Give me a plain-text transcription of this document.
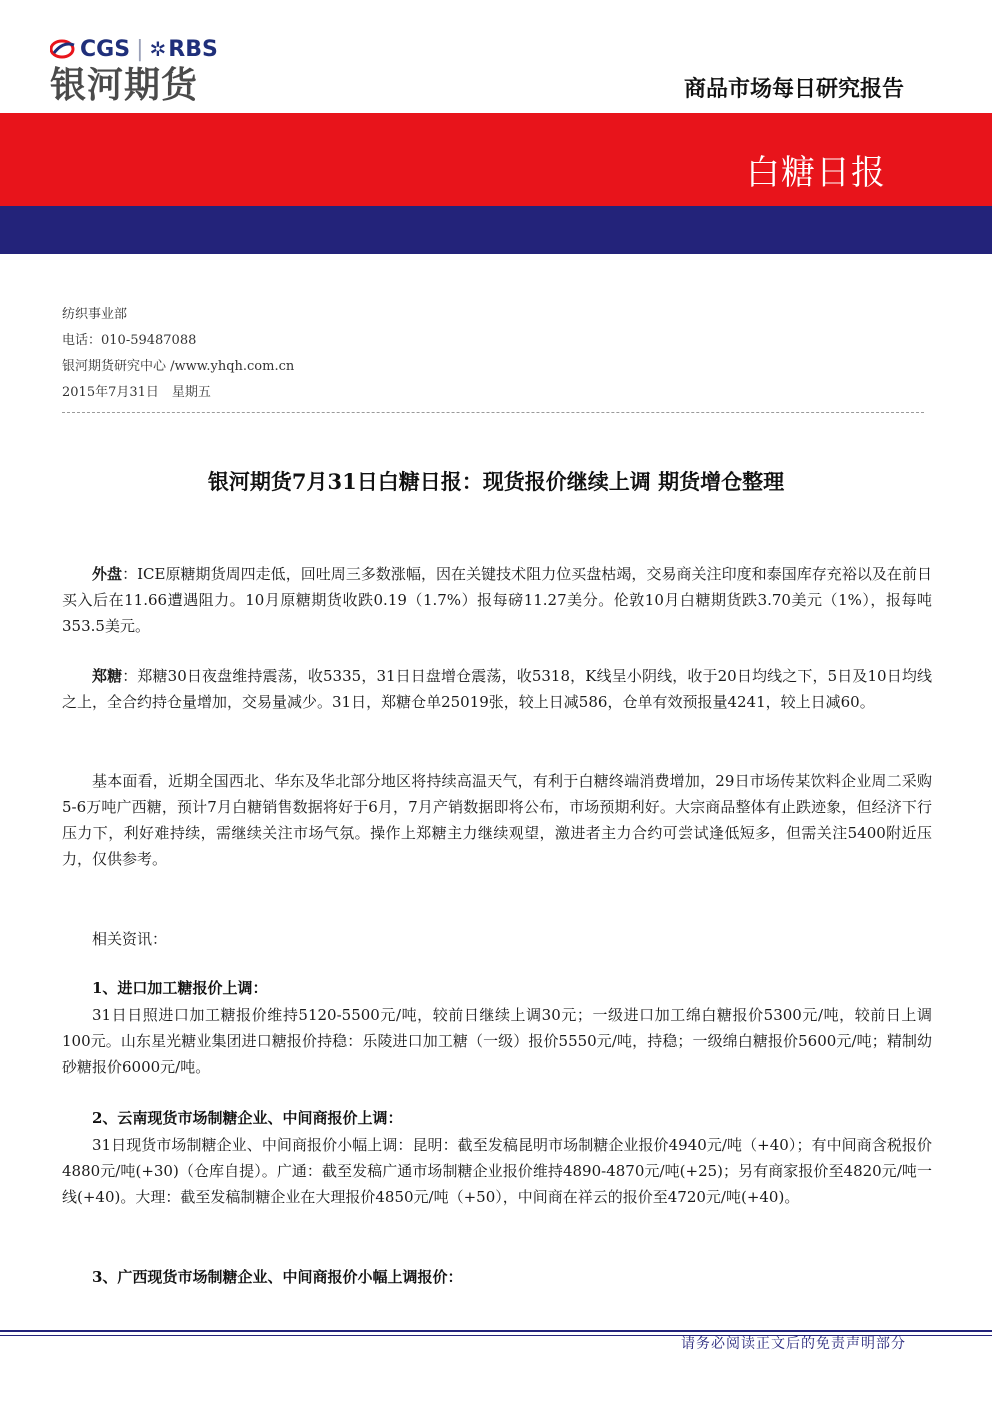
CGS | ✲ RBS
银河期货	商品市场每日研究报告
白糖日报
纺织事业部
电话：010-59487088
银河期货研究中心 /www.yhqh.com.cn
2015年7月31日　星期五
银河期货7月31日白糖日报：现货报价继续上调 期货增仓整理

外盘：ICE原糖期货周四走低，回吐周三多数涨幅，因在关键技术阻力位买盘枯竭，交易商关注印度和泰国库存充裕以及在前日买入后在11.66遭遇阻力。10月原糖期货收跌0.19（1.7%）报每磅11.27美分。伦敦10月白糖期货跌3.70美元（1%），报每吨353.5美元。

郑糖：郑糖30日夜盘维持震荡，收5335，31日日盘增仓震荡，收5318，K线呈小阴线，收于20日均线之下，5日及10日均线之上，全合约持仓量增加，交易量减少。31日，郑糖仓单25019张，较上日减586，仓单有效预报量4241，较上日减60。

基本面看，近期全国西北、华东及华北部分地区将持续高温天气，有利于白糖终端消费增加，29日市场传某饮料企业周二采购5-6万吨广西糖，预计7月白糖销售数据将好于6月，7月产销数据即将公布，市场预期利好。大宗商品整体有止跌迹象，但经济下行压力下，利好难持续，需继续关注市场气氛。操作上郑糖主力继续观望，激进者主力合约可尝试逢低短多，但需关注5400附近压力，仅供参考。

相关资讯：

1、进口加工糖报价上调：

31日日照进口加工糖报价维持5120-5500元/吨，较前日继续上调30元；一级进口加工绵白糖报价5300元/吨，较前日上调100元。山东星光糖业集团进口糖报价持稳：乐陵进口加工糖（一级）报价5550元/吨，持稳；一级绵白糖报价5600元/吨；精制幼砂糖报价6000元/吨。

2、云南现货市场制糖企业、中间商报价上调：

31日现货市场制糖企业、中间商报价小幅上调：昆明：截至发稿昆明市场制糖企业报价4940元/吨（+40）；有中间商含税报价4880元/吨(+30)（仓库自提）。广通：截至发稿广通市场制糖企业报价维持4890-4870元/吨(+25)；另有商家报价至4820元/吨一线(+40)。大理：截至发稿制糖企业在大理报价4850元/吨（+50），中间商在祥云的报价至4720元/吨(+40)。

3、广西现货市场制糖企业、中间商报价小幅上调报价：
请务必阅读正文后的免责声明部分
